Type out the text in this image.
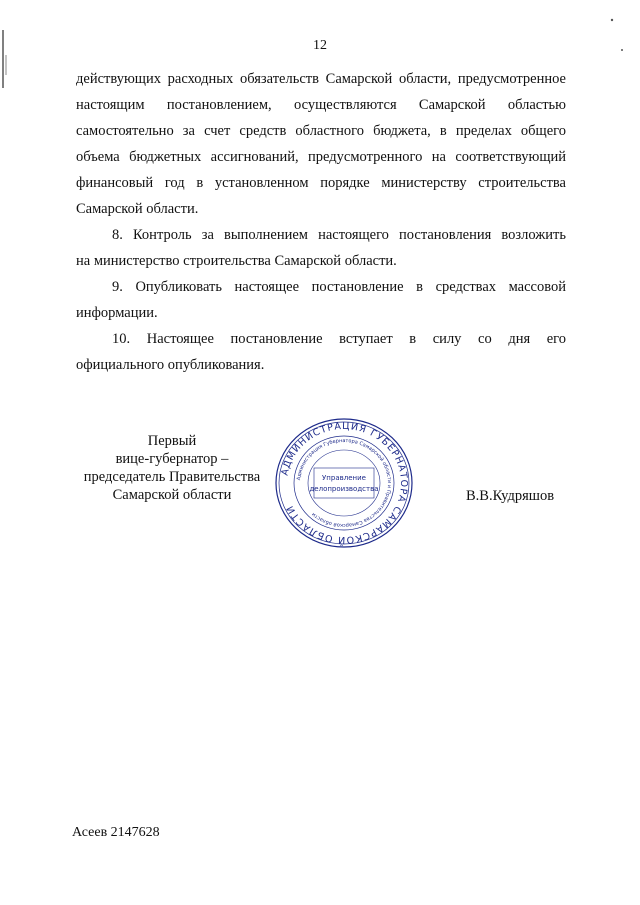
12
действующих расходных обязательств Самарской области, предусмотренное
настоящим постановлением, осуществляются Самарской областью
самостоятельно за счет средств областного бюджета, в пределах общего
объема бюджетных ассигнований, предусмотренного на соответствующий
финансовый год в установленном порядке министерству строительства
Самарской области.
8. Контроль за выполнением настоящего постановления возложить
на министерство строительства Самарской области.
9. Опубликовать настоящее постановление в средствах массовой
информации.
10. Настоящее постановление вступает в силу со дня его
официального опубликования.
Первый
вице-губернатор –
председатель Правительства
Самарской области
АДМИНИСТРАЦИЯ ГУБЕРНАТОРА САМАРСКОЙ ОБЛАСТИ
Администрация Губернатора Самарской области и Правительства Самарской области
Управление
делопроизводства	В.В.Кудряшов
Асеев 2147628
